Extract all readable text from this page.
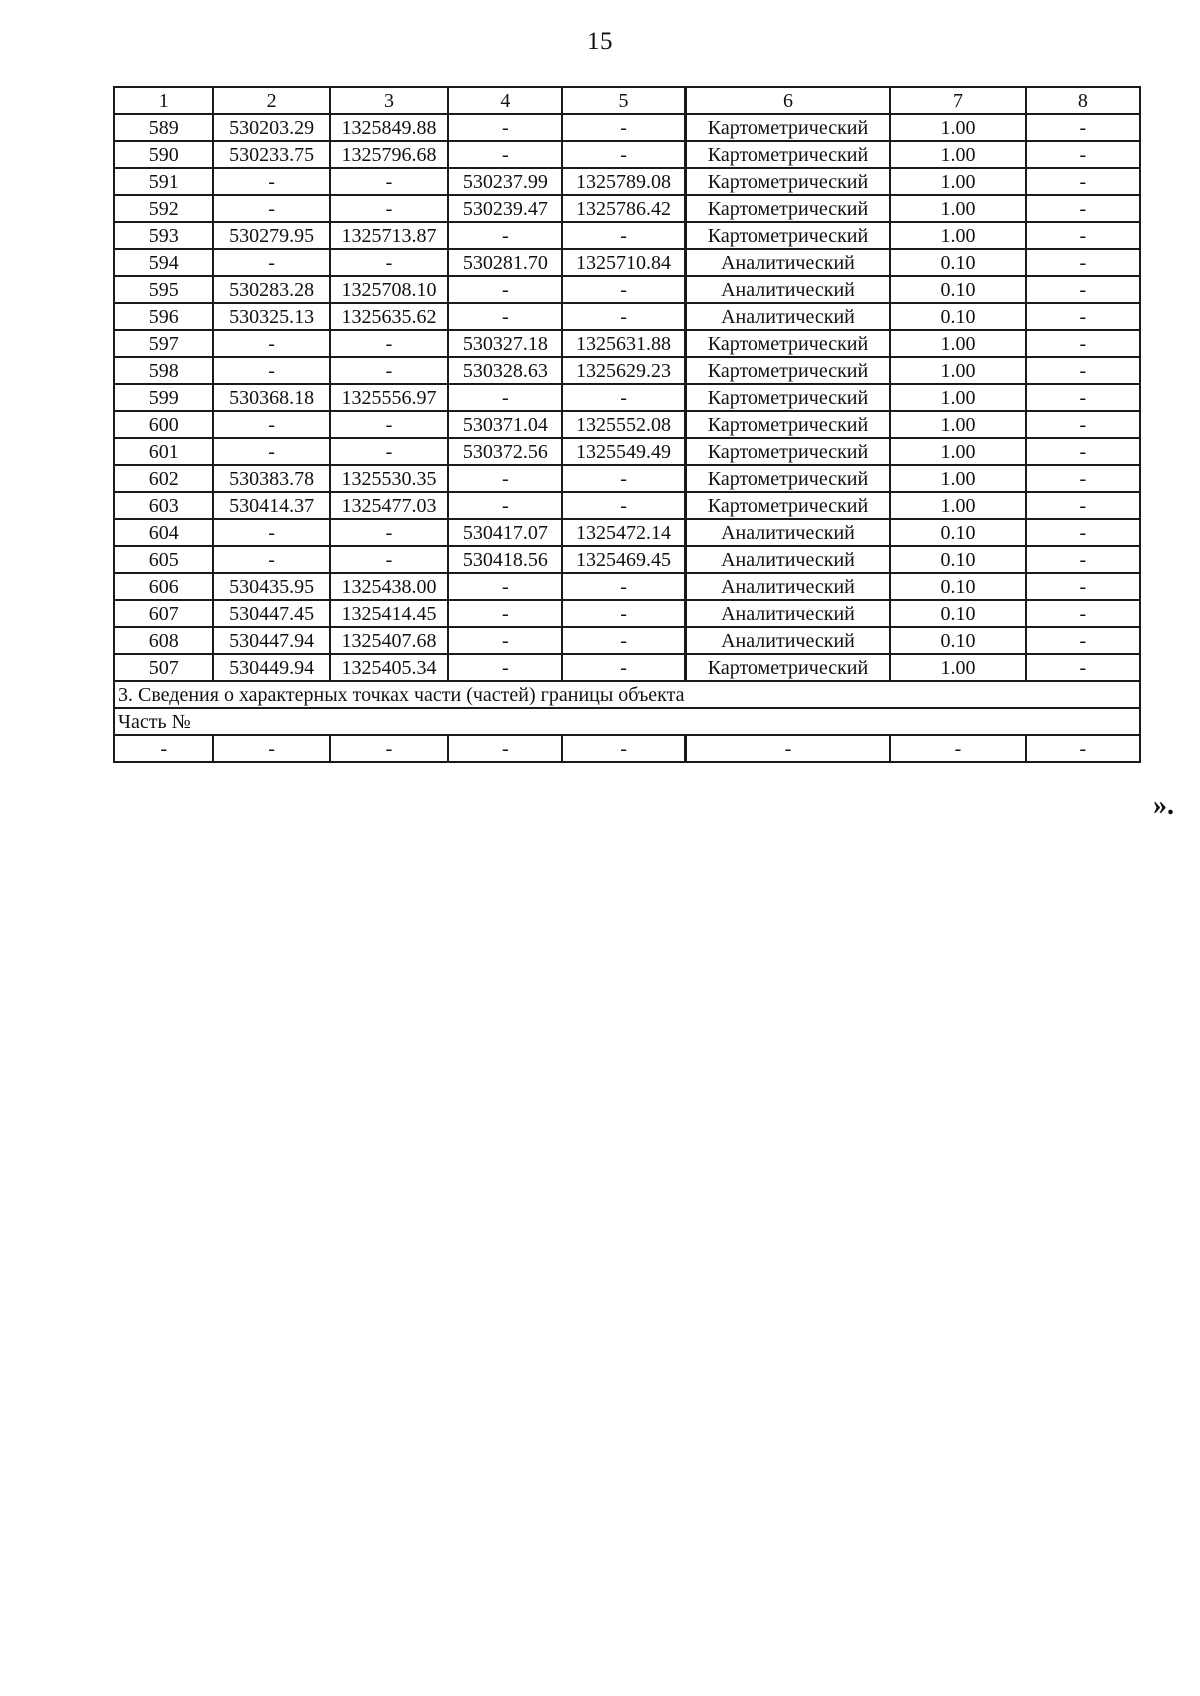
15
1	2	3	4	5	6	7	8
589	530203.29	1325849.88	-	-	Картометрический	1.00	-
590	530233.75	1325796.68	-	-	Картометрический	1.00	-
591	-	-	530237.99	1325789.08	Картометрический	1.00	-
592	-	-	530239.47	1325786.42	Картометрический	1.00	-
593	530279.95	1325713.87	-	-	Картометрический	1.00	-
594	-	-	530281.70	1325710.84	Аналитический	0.10	-
595	530283.28	1325708.10	-	-	Аналитический	0.10	-
596	530325.13	1325635.62	-	-	Аналитический	0.10	-
597	-	-	530327.18	1325631.88	Картометрический	1.00	-
598	-	-	530328.63	1325629.23	Картометрический	1.00	-
599	530368.18	1325556.97	-	-	Картометрический	1.00	-
600	-	-	530371.04	1325552.08	Картометрический	1.00	-
601	-	-	530372.56	1325549.49	Картометрический	1.00	-
602	530383.78	1325530.35	-	-	Картометрический	1.00	-
603	530414.37	1325477.03	-	-	Картометрический	1.00	-
604	-	-	530417.07	1325472.14	Аналитический	0.10	-
605	-	-	530418.56	1325469.45	Аналитический	0.10	-
606	530435.95	1325438.00	-	-	Аналитический	0.10	-
607	530447.45	1325414.45	-	-	Аналитический	0.10	-
608	530447.94	1325407.68	-	-	Аналитический	0.10	-
507	530449.94	1325405.34	-	-	Картометрический	1.00	-
3. Сведения о характерных точках части (частей) границы объекта							
Часть №							
-	-	-	-	-	-	-	-
».
